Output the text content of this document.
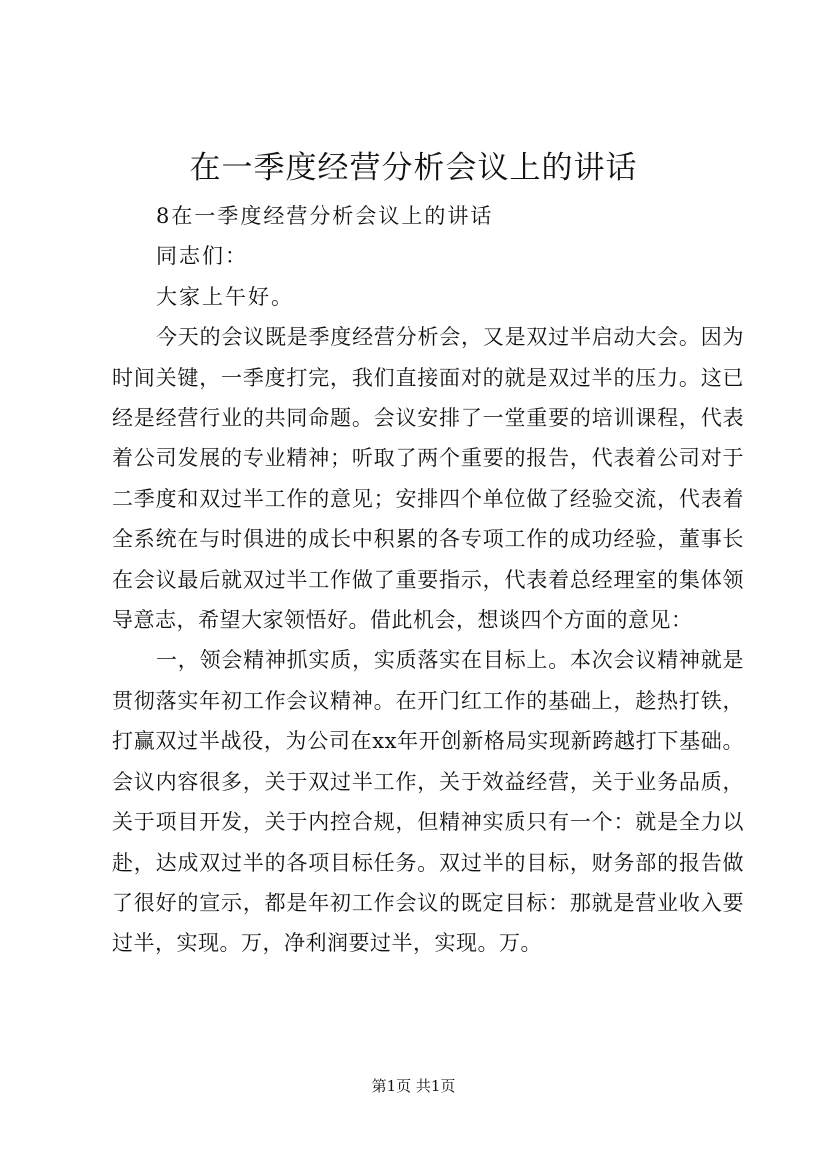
在一季度经营分析会议上的讲话

8在一季度经营分析会议上的讲话

同志们：

大家上午好。

今天的会议既是季度经营分析会，又是双过半启动大会。因为时间关键，一季度打完，我们直接面对的就是双过半的压力。这已经是经营行业的共同命题。会议安排了一堂重要的培训课程，代表着公司发展的专业精神；听取了两个重要的报告，代表着公司对于二季度和双过半工作的意见；安排四个单位做了经验交流，代表着全系统在与时俱进的成长中积累的各专项工作的成功经验，董事长在会议最后就双过半工作做了重要指示，代表着总经理室的集体领导意志，希望大家领悟好。借此机会，想谈四个方面的意见：

一，领会精神抓实质，实质落实在目标上。本次会议精神就是贯彻落实年初工作会议精神。在开门红工作的基础上，趁热打铁，打赢双过半战役，为公司在xx年开创新格局实现新跨越打下基础。会议内容很多，关于双过半工作，关于效益经营，关于业务品质，关于项目开发，关于内控合规，但精神实质只有一个：就是全力以赴，达成双过半的各项目标任务。双过半的目标，财务部的报告做了很好的宣示，都是年初工作会议的既定目标：那就是营业收入要过半，实现。万，净利润要过半，实现。万。

第1页 共1页
